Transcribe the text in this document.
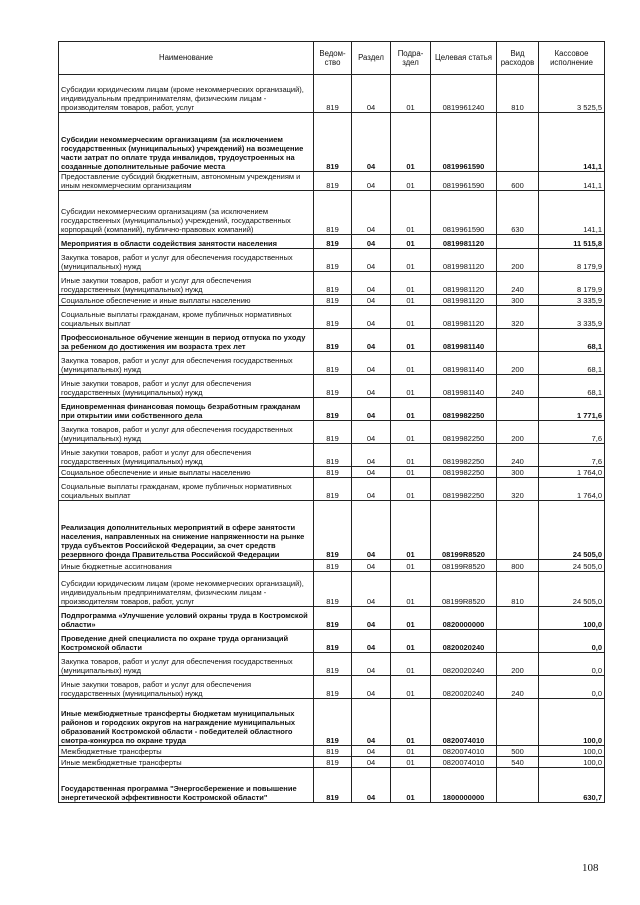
Наименование	Ведом-ство	Раздел	Подра-здел	Целевая статья	Вид расходов	Кассовое исполнение
Субсидии юридическим лицам (кроме некоммерческих организаций), индивидуальным предпринимателям, физическим лицам - производителям товаров, работ, услуг	819	04	01	0819961240	810	3 525,5
Субсидии некоммерческим организациям (за исключением государственных (муниципальных) учреждений) на возмещение части затрат по оплате труда инвалидов, трудоустроенных на созданные дополнительные рабочие места	819	04	01	0819961590		141,1
Предоставление субсидий бюджетным, автономным учреждениям и иным некоммерческим организациям	819	04	01	0819961590	600	141,1
Субсидии некоммерческим организациям (за исключением государственных (муниципальных) учреждений, государственных корпораций (компаний), публично-правовых компаний)	819	04	01	0819961590	630	141,1
Мероприятия в области содействия занятости населения	819	04	01	0819981120		11 515,8
Закупка товаров, работ и услуг для обеспечения государственных (муниципальных) нужд	819	04	01	0819981120	200	8 179,9
Иные закупки товаров, работ и услуг для обеспечения государственных (муниципальных) нужд	819	04	01	0819981120	240	8 179,9
Социальное обеспечение и иные выплаты населению	819	04	01	0819981120	300	3 335,9
Социальные выплаты гражданам, кроме публичных нормативных социальных выплат	819	04	01	0819981120	320	3 335,9
Профессиональное обучение женщин в период отпуска по уходу за ребенком до достижения им возраста трех лет	819	04	01	0819981140		68,1
Закупка товаров, работ и услуг для обеспечения государственных (муниципальных) нужд	819	04	01	0819981140	200	68,1
Иные закупки товаров, работ и услуг для обеспечения государственных (муниципальных) нужд	819	04	01	0819981140	240	68,1
Единовременная финансовая помощь безработным гражданам при открытии ими собственного дела	819	04	01	0819982250		1 771,6
Закупка товаров, работ и услуг для обеспечения государственных (муниципальных) нужд	819	04	01	0819982250	200	7,6
Иные закупки товаров, работ и услуг для обеспечения государственных (муниципальных) нужд	819	04	01	0819982250	240	7,6
Социальное обеспечение и иные выплаты населению	819	04	01	0819982250	300	1 764,0
Социальные выплаты гражданам, кроме публичных нормативных социальных выплат	819	04	01	0819982250	320	1 764,0
Реализация дополнительных мероприятий в сфере занятости населения, направленных на снижение напряженности на рынке труда субъектов Российской Федерации, за счет средств резервного фонда Правительства Российской Федерации	819	04	01	08199R8520		24 505,0
Иные бюджетные ассигнования	819	04	01	08199R8520	800	24 505,0
Субсидии юридическим лицам (кроме некоммерческих организаций), индивидуальным предпринимателям, физическим лицам - производителям товаров, работ, услуг	819	04	01	08199R8520	810	24 505,0
Подпрограмма «Улучшение условий охраны труда в Костромской области»	819	04	01	0820000000		100,0
Проведение дней специалиста по охране труда организаций Костромской области	819	04	01	0820020240		0,0
Закупка товаров, работ и услуг для обеспечения государственных (муниципальных) нужд	819	04	01	0820020240	200	0,0
Иные закупки товаров, работ и услуг для обеспечения государственных (муниципальных) нужд	819	04	01	0820020240	240	0,0
Иные межбюджетные трансферты бюджетам муниципальных районов и городских округов на награждение муниципальных образований Костромской области - победителей областного смотра-конкурса по охране труда	819	04	01	0820074010		100,0
Межбюджетные трансферты	819	04	01	0820074010	500	100,0
Иные межбюджетные трансферты	819	04	01	0820074010	540	100,0
Государственная программа "Энергосбережение и повышение энергетической эффективности Костромской области"	819	04	01	1800000000		630,7
108
